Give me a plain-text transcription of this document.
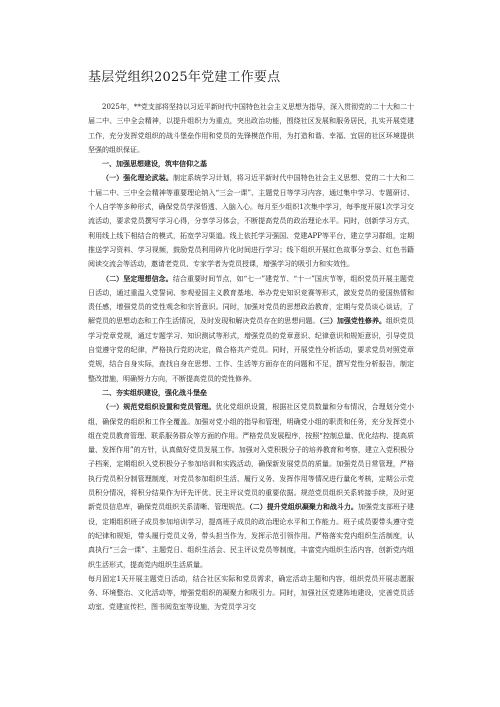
基层党组织2025年党建工作要点

2025年，**党支部将坚持以习近平新时代中国特色社会主义思想为指导，深入贯彻党的二十大和二十届二中、三中全会精神，以提升组织力为重点，突出政治功能，围绕社区发展和服务居民，扎实开展党建工作，充分发挥党组织的战斗堡垒作用和党员的先锋模范作用，为打造和谐、幸福、宜居的社区环境提供坚强的组织保证。

一、加强思想建设，筑牢信仰之基

（一）强化理论武装。制定系统学习计划，将习近平新时代中国特色社会主义思想、党的二十大和二十届二中、三中全会精神等重要理论纳入“三会一课”、主题党日等学习内容，通过集中学习、专题研讨、个人自学等多种形式，确保党员学深悟透、入脑入心。每月至少组织1次集中学习，每季度开展1次学习交流活动，要求党员撰写学习心得，分享学习体会，不断提高党员的政治理论水平。同时，创新学习方式，利用线上线下相结合的模式，拓宽学习渠道。线上依托学习强国、党建APP等平台，建立学习群组，定期推送学习资料、学习视频，鼓励党员利用碎片化时间进行学习；线下组织开展红色故事分享会、红色书籍阅读交流会等活动，邀请老党员、专家学者为党员授课，增强学习的吸引力和实效性。

（二）坚定理想信念。结合重要时间节点，如“七一”建党节、“十一”国庆节等，组织党员开展主题党日活动，通过重温入党誓词、参观爱国主义教育基地、举办党史知识竞赛等形式，激发党员的爱国热情和责任感，增强党员的党性观念和宗旨意识。同时，加强对党员的思想政治教育，定期与党员谈心谈话，了解党员的思想动态和工作生活情况，及时发现和解决党员存在的思想问题。（三）加强党性修养。组织党员学习党章党规，通过专题学习、知识测试等形式，增强党员的党章意识、纪律意识和规矩意识，引导党员自觉遵守党的纪律，严格执行党的决定，做合格共产党员。同时，开展党性分析活动，要求党员对照党章党规，结合自身实际，查找自身在思想、工作、生活等方面存在的问题和不足，撰写党性分析报告，制定整改措施，明确努力方向，不断提高党员的党性修养。

二、夯实组织建设，强化战斗堡垒

（一）规范党组织设置和党员管理。优化党组织设置，根据社区党员数量和分布情况，合理划分党小组，确保党的组织和工作全覆盖。加强对党小组的指导和管理，明确党小组的职责和任务，充分发挥党小组在党员教育管理、联系服务群众等方面的作用。严格党员发展程序，按照“控制总量、优化结构、提高质量、发挥作用”的方针，认真做好党员发展工作。加强对入党积极分子的培养教育和考察，建立入党积极分子档案，定期组织入党积极分子参加培训和实践活动，确保新发展党员的质量。加强党员日常管理，严格执行党员积分制管理制度，对党员参加组织生活、履行义务、发挥作用等情况进行量化考核，定期公示党员积分情况，将积分结果作为评先评优、民主评议党员的重要依据。规范党员组织关系转接手续，及时更新党员信息库，确保党员组织关系清晰、管理规范。（二）提升党组织凝聚力和战斗力。加强党支部班子建设，定期组织班子成员参加培训学习，提高班子成员的政治理论水平和工作能力。班子成员要带头遵守党的纪律和规矩，带头履行党员义务，带头担当作为，发挥示范引领作用。严格落实党内组织生活制度，认真执行“三会一课”、主题党日、组织生活会、民主评议党员等制度，丰富党内组织生活内容，创新党内组织生活形式，提高党内组织生活质量。

每月固定1天开展主题党日活动，结合社区实际和党员需求，确定活动主题和内容，组织党员开展志愿服务、环境整治、文化活动等，增强党组织的凝聚力和吸引力。同时，加强社区党建阵地建设，完善党员活动室、党建宣传栏、图书阅览室等设施，为党员学习交
